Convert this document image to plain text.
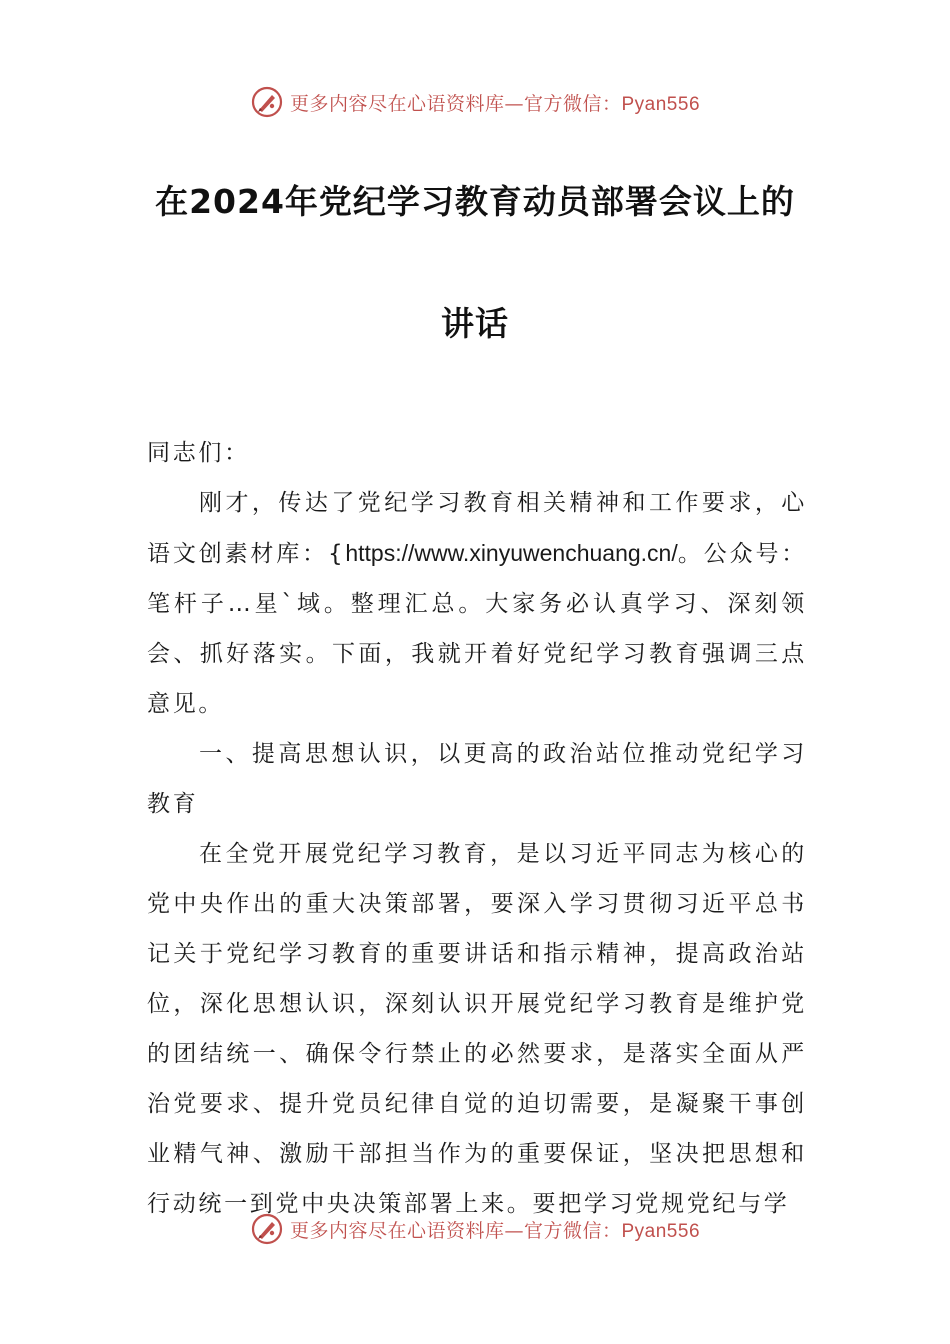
更多内容尽在心语资料库—官方微信：Pyan556
在2024年党纪学习教育动员部署会议上的
讲话

同志们：

刚才，传达了党纪学习教育相关精神和工作要求，心语文创素材库：{https://www.xinyuwenchuang.cn/。公众号：笔杆子…星`域。整理汇总。大家务必认真学习、深刻领会、抓好落实。下面，我就开着好党纪学习教育强调三点意见。

一、提高思想认识，以更高的政治站位推动党纪学习教育

在全党开展党纪学习教育，是以习近平同志为核心的党中央作出的重大决策部署，要深入学习贯彻习近平总书记关于党纪学习教育的重要讲话和指示精神，提高政治站位，深化思想认识，深刻认识开展党纪学习教育是维护党的团结统一、确保令行禁止的必然要求，是落实全面从严治党要求、提升党员纪律自觉的迫切需要，是凝聚干事创业精气神、激励干部担当作为的重要保证，坚决把思想和行动统一到党中央决策部署上来。要把学习党规党纪与学

更多内容尽在心语资料库—官方微信：Pyan556
